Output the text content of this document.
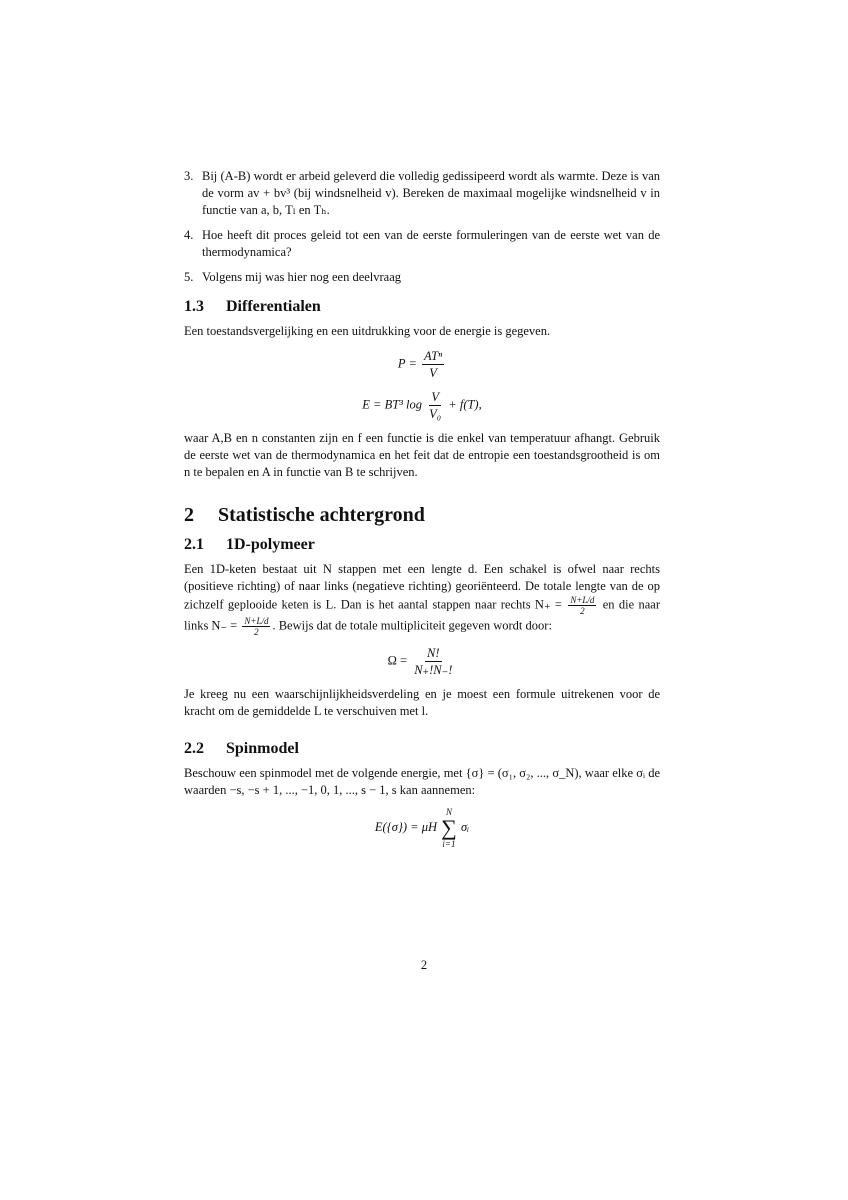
3. Bij (A-B) wordt er arbeid geleverd die volledig gedissipeerd wordt als warmte. Deze is van de vorm av + bv³ (bij windsnelheid v). Bereken de maximaal mogelijke windsnelheid v in functie van a, b, Tₗ en Tₕ.
4. Hoe heeft dit proces geleid tot een van de eerste formuleringen van de eerste wet van de thermodynamica?
5. Volgens mij was hier nog een deelvraag
1.3 Differentialen

Een toestandsvergelijking en een uitdrukking voor de energie is gegeven.

$P = \frac{\text{ATⁿ}}{V}$
E = BT³ $\log \frac{V}{\text{V₀}} + f(T)$,

waar A,B en n constanten zijn en f een functie is die enkel van temperatuur afhangt. Gebruik de eerste wet van de thermodynamica en het feit dat de entropie een toestandsgrootheid is om n te bepalen en A in functie van B te schrijven.

2 Statistische achtergrond
2.1 1D-polymeer

Een 1D-keten bestaat uit N stappen met een lengte d. Een schakel is ofwel naar rechts (positieve richting) of naar links (negatieve richting) georiënteerd. De totale lengte van de op zichzelf geplooide keten is L. Dan is het aantal stappen naar rechts $N_+ = \frac{N+L/d}{2}$ en die naar links $N_- = \frac{N+L/d}{2}$ . Bewijs dat de totale multipliciteit gegeven wordt door:

$\Omega = \frac{N!}{N_+!N_-!}$

Je kreeg nu een waarschijnlijkheidsverdeling en je moest een formule uitrekenen voor de kracht om de gemiddelde L te verschuiven met l.

2.2 Spinmodel

Beschouw een spinmodel met de volgende energie, met {σ} = (σ₁, σ₂, ..., σ_N), waar elke σᵢ de waarden −s, −s + 1, ..., −1, 0, 1, ..., s − 1, s kan aannemen:

E({σ}) = μH
N
∑
i=1
σᵢ
2
